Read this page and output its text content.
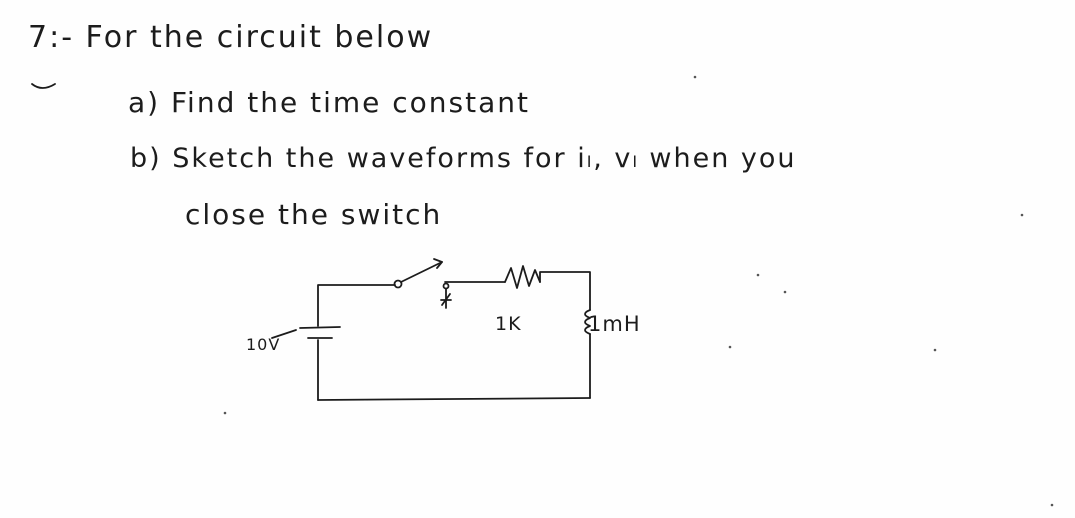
7:- For the circuit below
a) Find the time constant
b) Sketch the waveforms for iₗ, vₗ when you
close the switch
10V
1K	1mH
